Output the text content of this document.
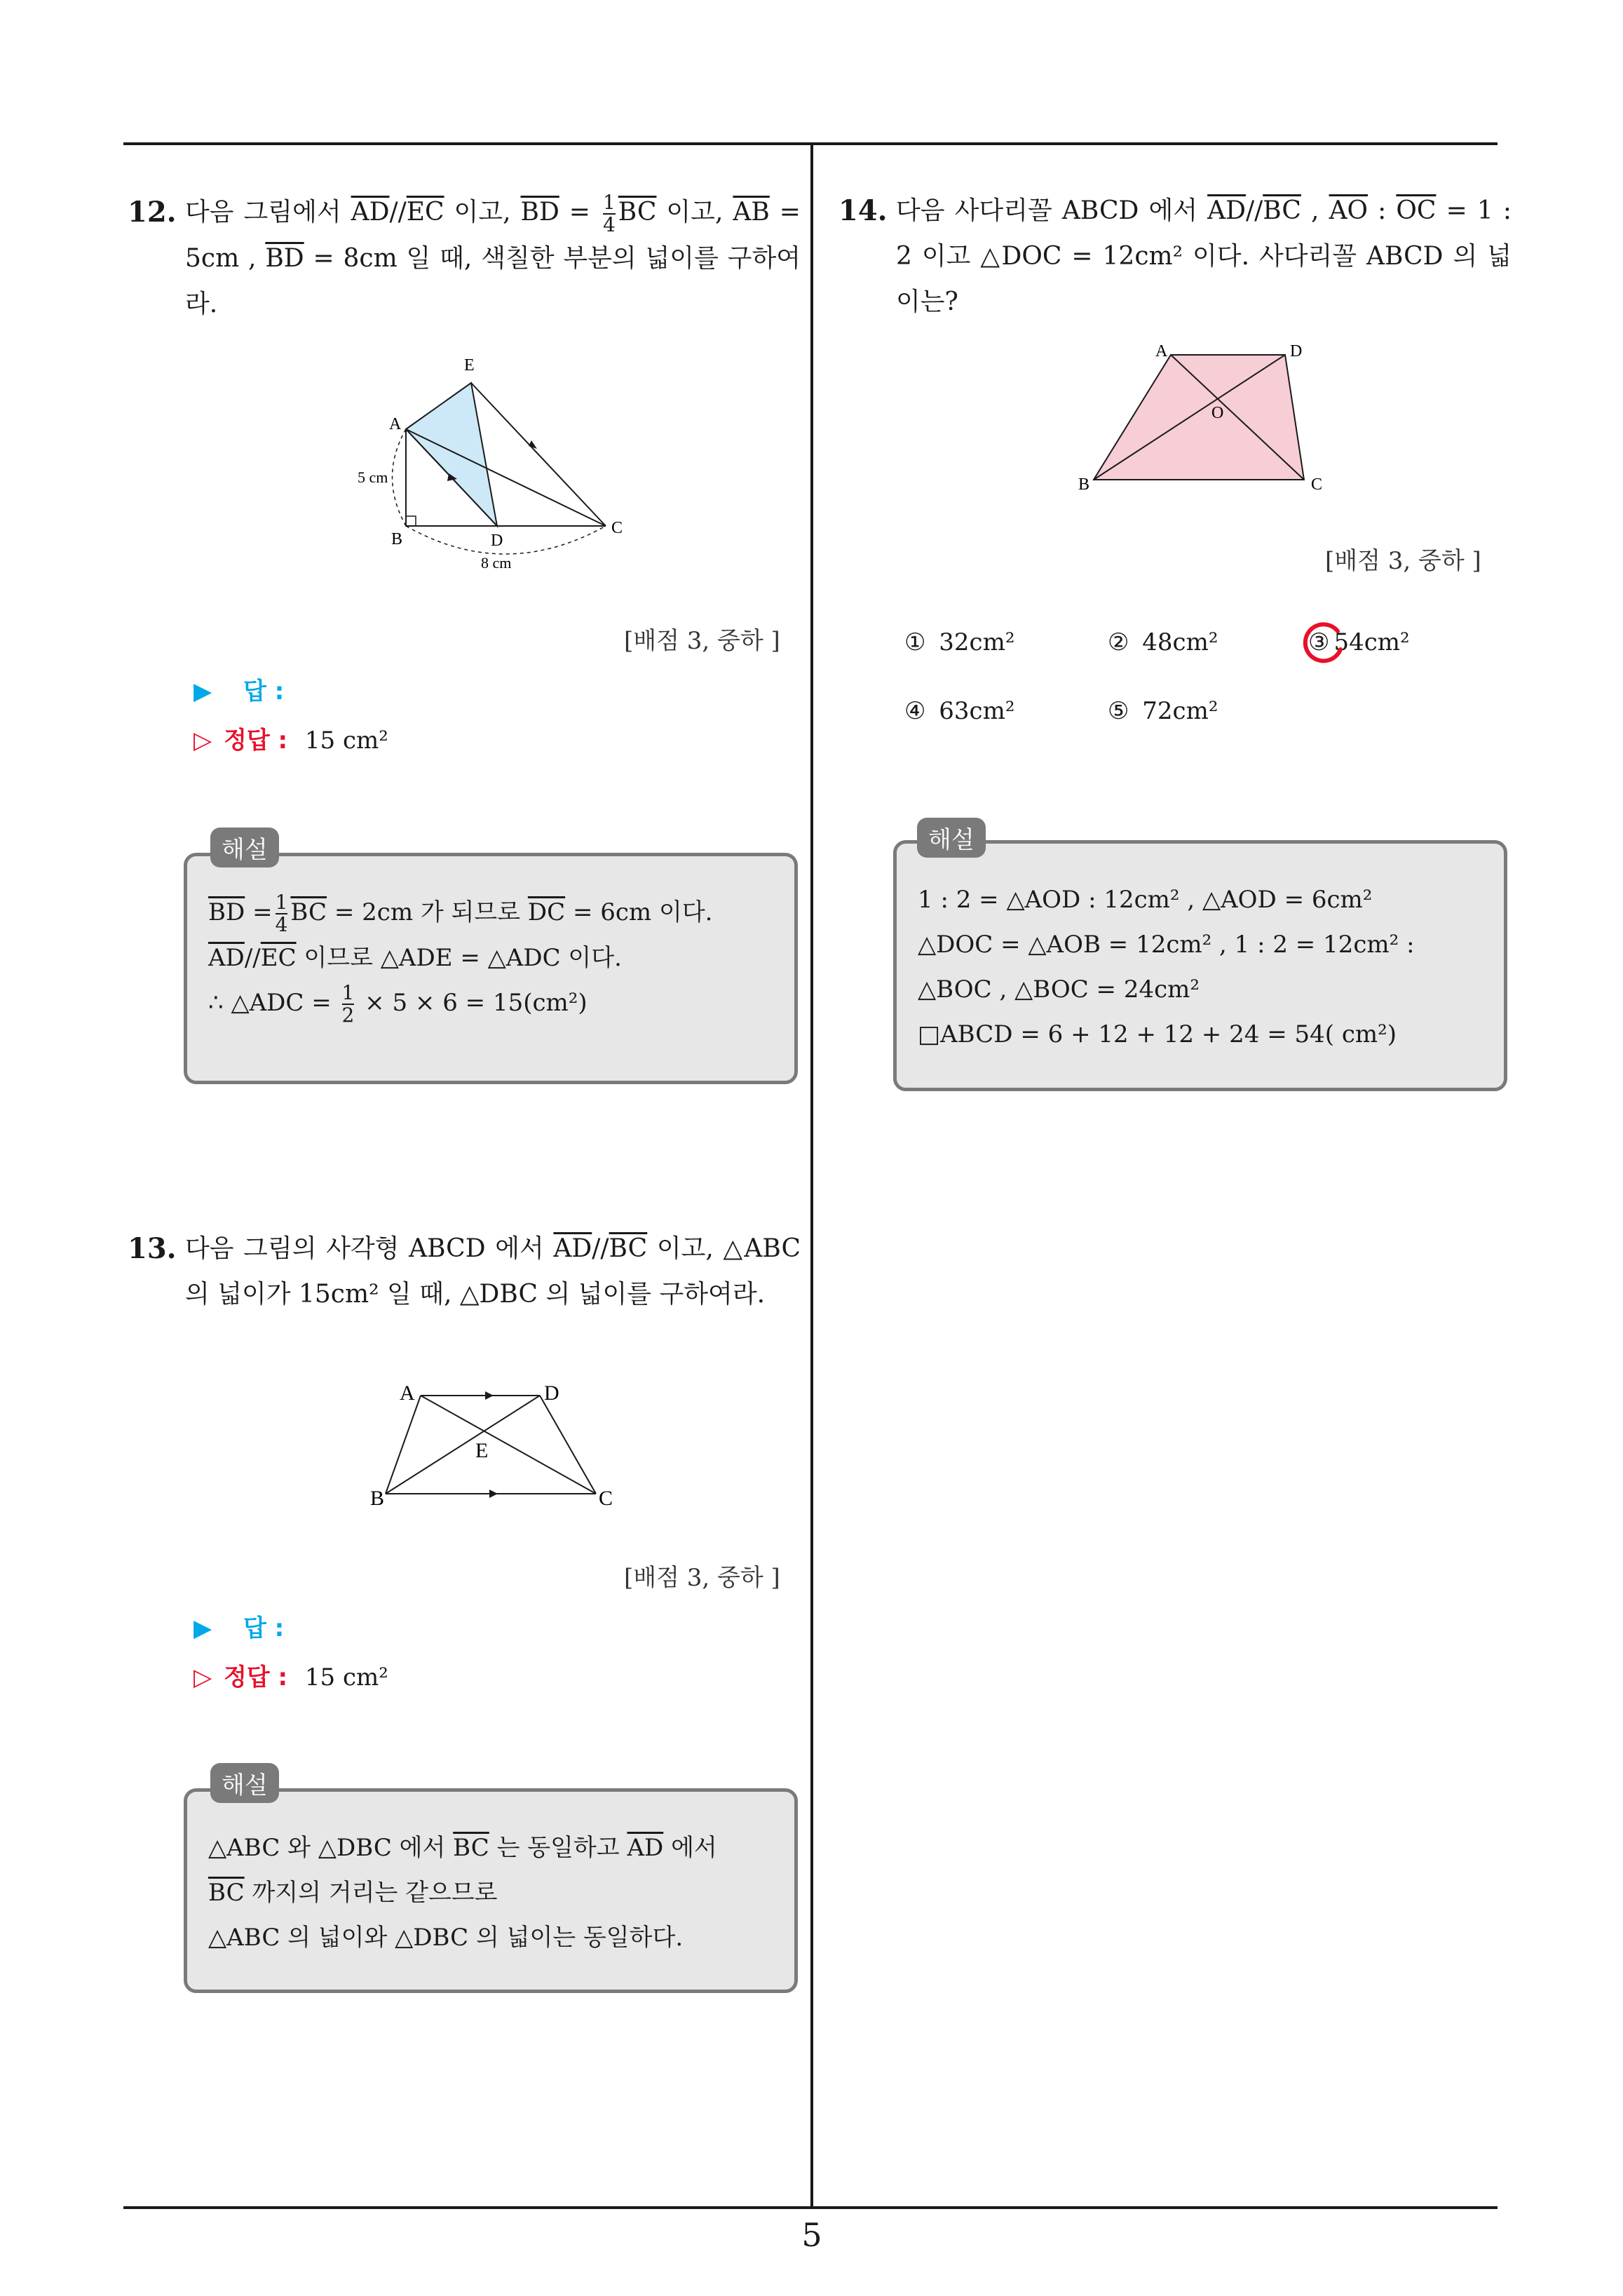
5
12. 다음 그림에서 $\overline{AD}//\overline{EC}$ 이고, $\overline{BD} = \frac{1}{4} \overline{BC}$ 이고, $\overline{AB} = 5cm$ , $\overline{BD} = 8cm$ 일 때, 색칠한 부분의 넓이를 구하여라.
E
A
B	D
C
5 cm
8 cm
[배점 3, 중하 ]
▶ 답 :
▷ 정답 : 15 cm²
$\overline{BD} = \frac{1}{4} \overline{BC} = 2cm$ 가 되므로 $\overline{DC} = 6cm$ 이다.
$\overline{AD}//\overline{EC}$ 이므로 △ADE = △ADC 이다.
∴ △ADC = $\frac{1}{2} \times 5 \times 6 = 15(cm^2)$
해설
13. 다음 그림의 사각형 ABCD 에서 $\overline{AD}//\overline{BC}$ 이고, △ABC 의 넓이가 15cm² 일 때, △DBC 의 넓이를 구하여라.
A	D
E
B	C
[배점 3, 중하 ]
▶ 답 :
▷ 정답 : 15 cm²
△ABC 와 △DBC 에서 $\overline{BC}$ 는 동일하고 $\overline{AD}$ 에서
$\overline{BC}$ 까지의 거리는 같으므로
△ABC 의 넓이와 △DBC 의 넓이는 동일하다.
해설
14. 다음 사다리꼴 ABCD 에서 $\overline{AD}//\overline{BC}$ , $\overline{AO}$ : $\overline{OC} = 1$ : 2 이고 △DOC = 12cm² 이다. 사다리꼴 ABCD 의 넓이는?
A	D
O
B	C
[배점 3, 중하 ]
① 32cm²	② 48cm²	③ 54cm²
④ 63cm²	⑤ 72cm²
1 : 2 = △AOD : 12cm² , △AOD = 6cm²
△DOC = △AOB = 12cm² , 1 : 2 = 12cm² :
△BOC , △BOC = 24cm²
□ABCD = 6 + 12 + 12 + 24 = 54( cm²)
해설
